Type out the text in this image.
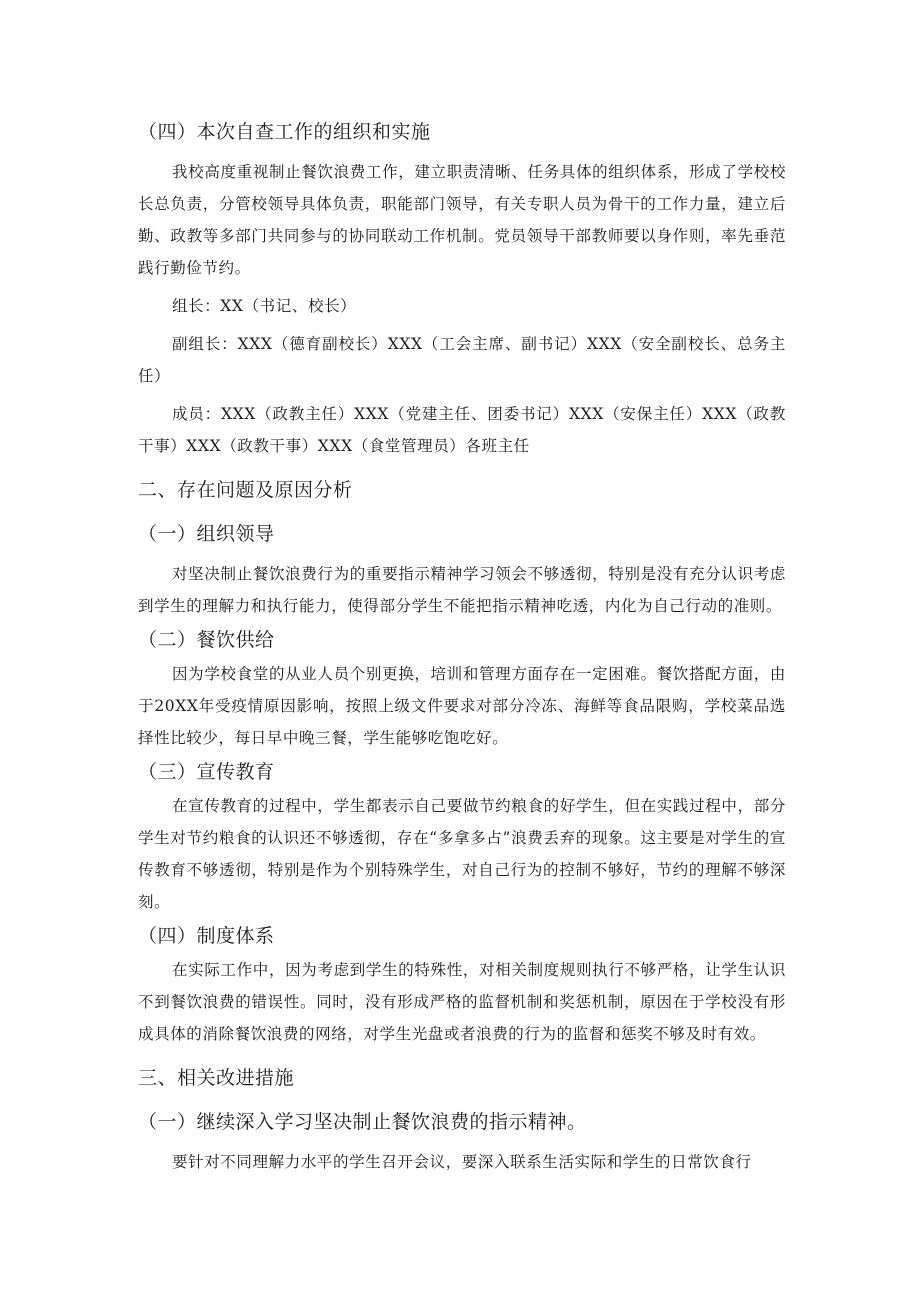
（四）本次自查工作的组织和实施

我校高度重视制止餐饮浪费工作，建立职责清晰、任务具体的组织体系，形成了学校校长总负责，分管校领导具体负责，职能部门领导，有关专职人员为骨干的工作力量，建立后勤、政教等多部门共同参与的协同联动工作机制。党员领导干部教师要以身作则，率先垂范践行勤俭节约。

组长：XX（书记、校长）

副组长：XXX（德育副校长）XXX（工会主席、副书记）XXX（安全副校长、总务主任）

成员：XXX（政教主任）XXX（党建主任、团委书记）XXX（安保主任）XXX（政教干事）XXX（政教干事）XXX（食堂管理员）各班主任

二、存在问题及原因分析
（一）组织领导

对坚决制止餐饮浪费行为的重要指示精神学习领会不够透彻，特别是没有充分认识考虑到学生的理解力和执行能力，使得部分学生不能把指示精神吃透，内化为自己行动的准则。

（二）餐饮供给

因为学校食堂的从业人员个别更换，培训和管理方面存在一定困难。餐饮搭配方面，由于20XX年受疫情原因影响，按照上级文件要求对部分冷冻、海鲜等食品限购，学校菜品选择性比较少，每日早中晚三餐，学生能够吃饱吃好。

（三）宣传教育

在宣传教育的过程中，学生都表示自己要做节约粮食的好学生，但在实践过程中，部分学生对节约粮食的认识还不够透彻，存在“多拿多占”浪费丢弃的现象。这主要是对学生的宣传教育不够透彻，特别是作为个别特殊学生，对自己行为的控制不够好，节约的理解不够深刻。

（四）制度体系

在实际工作中，因为考虑到学生的特殊性，对相关制度规则执行不够严格，让学生认识不到餐饮浪费的错误性。同时，没有形成严格的监督机制和奖惩机制，原因在于学校没有形成具体的消除餐饮浪费的网络，对学生光盘或者浪费的行为的监督和惩奖不够及时有效。

三、相关改进措施
（一）继续深入学习坚决制止餐饮浪费的指示精神。

要针对不同理解力水平的学生召开会议，要深入联系生活实际和学生的日常饮食行
